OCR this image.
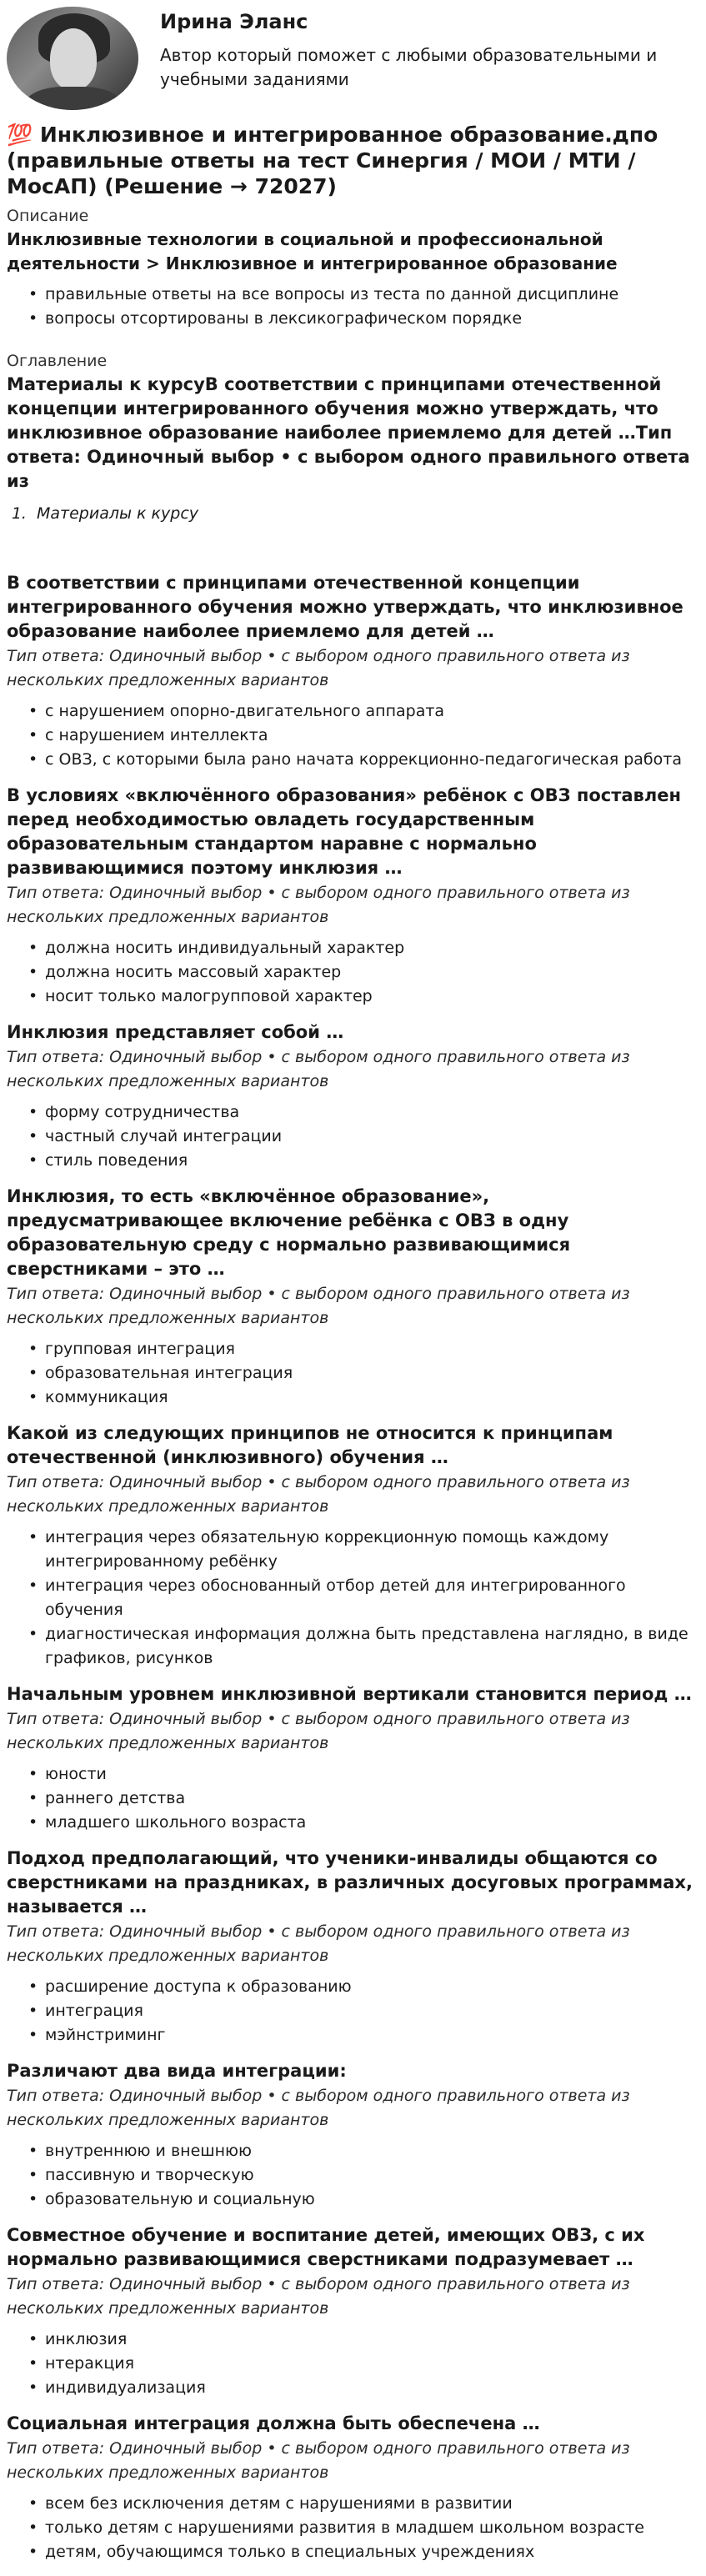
Ирина Эланс
Автор который поможет с любыми образовательными и учебными заданиями
💯 Инклюзивное и интегрированное образование.дпо (правильные ответы на тест Синергия / МОИ / МТИ / МосАП) (Решение → 72027)
Описание
Инклюзивные технологии в социальной и профессиональной деятельности > Инклюзивное и интегрированное образование
• правильные ответы на все вопросы из теста по данной дисциплине
• вопросы отсортированы в лексикографическом порядке
Оглавление
Материалы к курсуВ соответствии с принципами отечественной концепции интегрированного обучения можно утверждать, что инклюзивное образование наиболее приемлемо для детей …Тип ответа: Одиночный выбор • с выбором одного правильного ответа из
1. Материалы к курсу
В соответствии с принципами отечественной концепции интегрированного обучения можно утверждать, что инклюзивное образование наиболее приемлемо для детей …
Тип ответа: Одиночный выбор • с выбором одного правильного ответа из нескольких предложенных вариантов
• с нарушением опорно-двигательного аппарата
• с нарушением интеллекта
• с ОВЗ, с которыми была рано начата коррекционно-педагогическая работа
В условиях «включённого образования» ребёнок с ОВЗ поставлен перед необходимостью овладеть государственным образовательным стандартом наравне с нормально развивающимися поэтому инклюзия …
Тип ответа: Одиночный выбор • с выбором одного правильного ответа из нескольких предложенных вариантов
• должна носить индивидуальный характер
• должна носить массовый характер
• носит только малогрупповой характер
Инклюзия представляет собой …
Тип ответа: Одиночный выбор • с выбором одного правильного ответа из нескольких предложенных вариантов
• форму сотрудничества
• частный случай интеграции
• стиль поведения
Инклюзия, то есть «включённое образование», предусматривающее включение ребёнка с ОВЗ в одну образовательную среду с нормально развивающимися сверстниками – это …
Тип ответа: Одиночный выбор • с выбором одного правильного ответа из нескольких предложенных вариантов
• групповая интеграция
• образовательная интеграция
• коммуникация
Какой из следующих принципов не относится к принципам отечественной (инклюзивного) обучения …
Тип ответа: Одиночный выбор • с выбором одного правильного ответа из нескольких предложенных вариантов
• интеграция через обязательную коррекционную помощь каждому интегрированному ребёнку
• интеграция через обоснованный отбор детей для интегрированного обучения
• диагностическая информация должна быть представлена наглядно, в виде графиков, рисунков
Начальным уровнем инклюзивной вертикали становится период …
Тип ответа: Одиночный выбор • с выбором одного правильного ответа из нескольких предложенных вариантов
• юности
• раннего детства
• младшего школьного возраста
Подход предполагающий, что ученики-инвалиды общаются со сверстниками на праздниках, в различных досуговых программах, называется …
Тип ответа: Одиночный выбор • с выбором одного правильного ответа из нескольких предложенных вариантов
• расширение доступа к образованию
• интеграция
• мэйнстриминг
Различают два вида интеграции:
Тип ответа: Одиночный выбор • с выбором одного правильного ответа из нескольких предложенных вариантов
• внутреннюю и внешнюю
• пассивную и творческую
• образовательную и социальную
Совместное обучение и воспитание детей, имеющих ОВЗ, с их нормально развивающимися сверстниками подразумевает …
Тип ответа: Одиночный выбор • с выбором одного правильного ответа из нескольких предложенных вариантов
• инклюзия
• нтеракция
• индивидуализация
Социальная интеграция должна быть обеспечена …
Тип ответа: Одиночный выбор • с выбором одного правильного ответа из нескольких предложенных вариантов
• всем без исключения детям с нарушениями в развитии
• только детям с нарушениями развития в младшем школьном возрасте
• детям, обучающимся только в специальных учреждениях
